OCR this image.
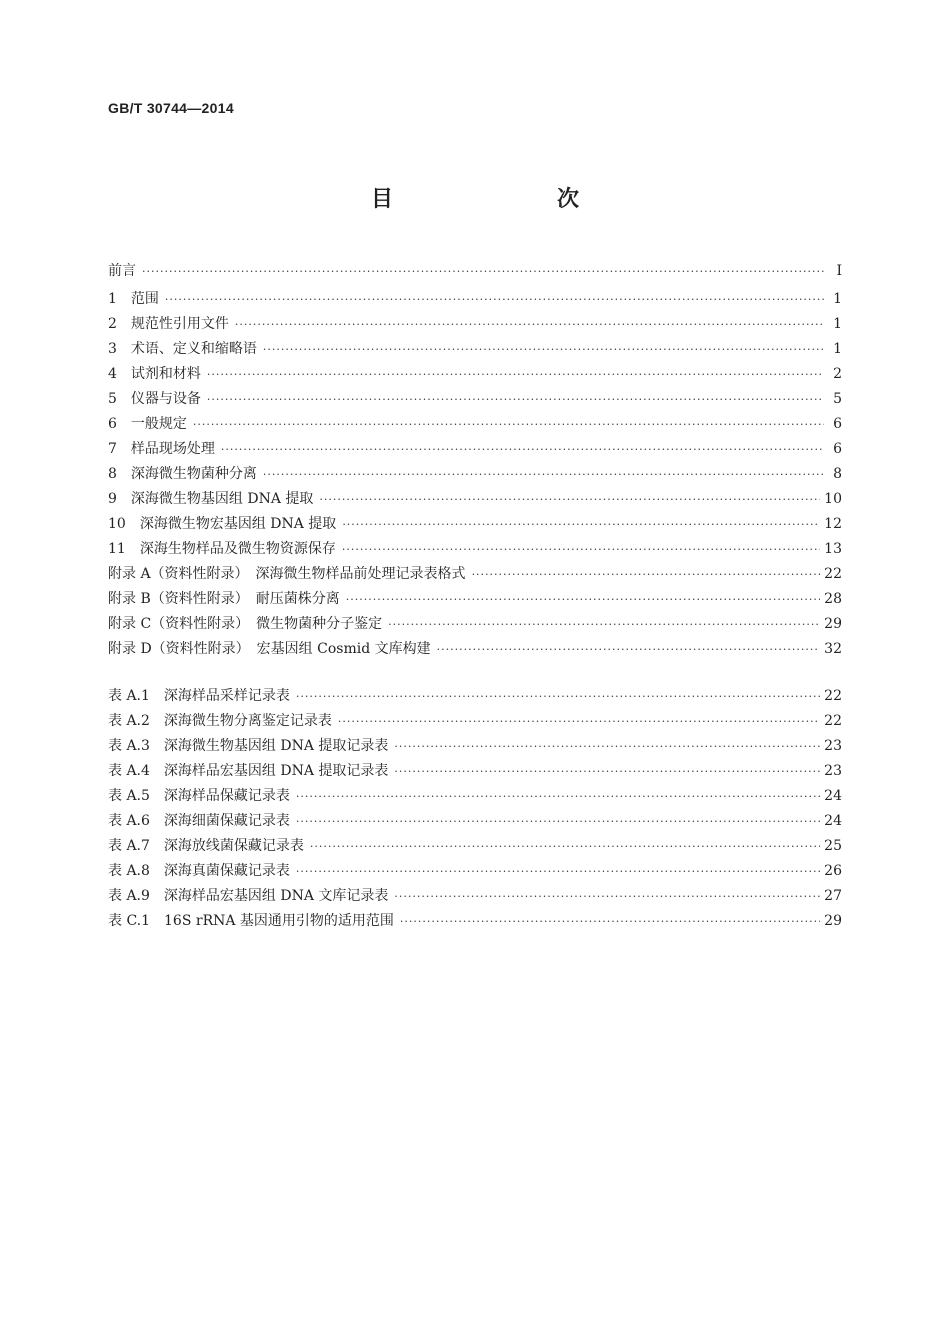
GB/T 30744—2014
目　　次
前言 ·····	Ⅰ
1　范围 ·····	1
2　规范性引用文件 ·····	1
3　术语、定义和缩略语 ·····	1
4　试剂和材料 ·····	2
5　仪器与设备 ·····	5
6　一般规定 ·····	6
7　样品现场处理 ·····	6
8　深海微生物菌种分离 ·····	8
9　深海微生物基因组 DNA 提取 ·····	10
10　深海微生物宏基因组 DNA 提取 ·····	12
11　深海生物样品及微生物资源保存 ·····	13
附录 A（资料性附录）　深海微生物样品前处理记录表格式 ·····	22
附录 B（资料性附录）　耐压菌株分离 ·····	28
附录 C（资料性附录）　微生物菌种分子鉴定 ·····	29
附录 D（资料性附录）　宏基因组 Cosmid 文库构建 ·····	32
表 A.1　深海样品采样记录表 ·····	22
表 A.2　深海微生物分离鉴定记录表 ·····	22
表 A.3　深海微生物基因组 DNA 提取记录表 ·····	23
表 A.4　深海样品宏基因组 DNA 提取记录表 ·····	23
表 A.5　深海样品保藏记录表 ·····	24
表 A.6　深海细菌保藏记录表 ·····	24
表 A.7　深海放线菌保藏记录表 ·····	25
表 A.8　深海真菌保藏记录表 ·····	26
表 A.9　深海样品宏基因组 DNA 文库记录表 ·····	27
表 C.1　16S rRNA 基因通用引物的适用范围 ·····	29
